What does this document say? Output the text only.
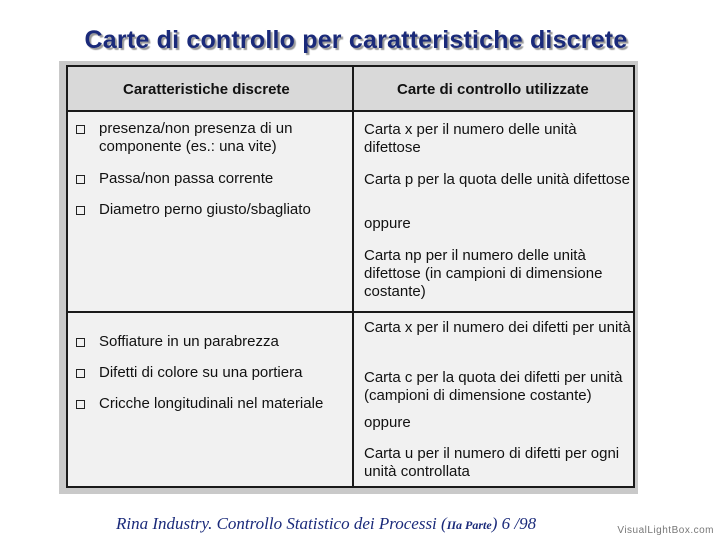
Carte di controllo per caratteristiche discrete
Caratteristiche discrete	Carte di controllo utilizzate
presenza/non presenza di un componente (es.: una vite)
Passa/non passa corrente
Diametro perno giusto/sbagliato
Carta x per il numero delle unità difettose
Carta p per la quota delle unità difettose
oppure
Carta np per il numero delle unità difettose (in campioni di dimensione costante)
Soffiature in un parabrezza
Difetti di colore su una portiera
Cricche longitudinali nel materiale
Carta x per il numero dei difetti per unità
Carta c per la quota dei difetti per unità (campioni di dimensione costante)
oppure
Carta u per il numero di difetti per ogni unità controllata
Rina Industry. Controllo Statistico dei Processi (IIa Parte) 6 /98	VisualLightBox.com
